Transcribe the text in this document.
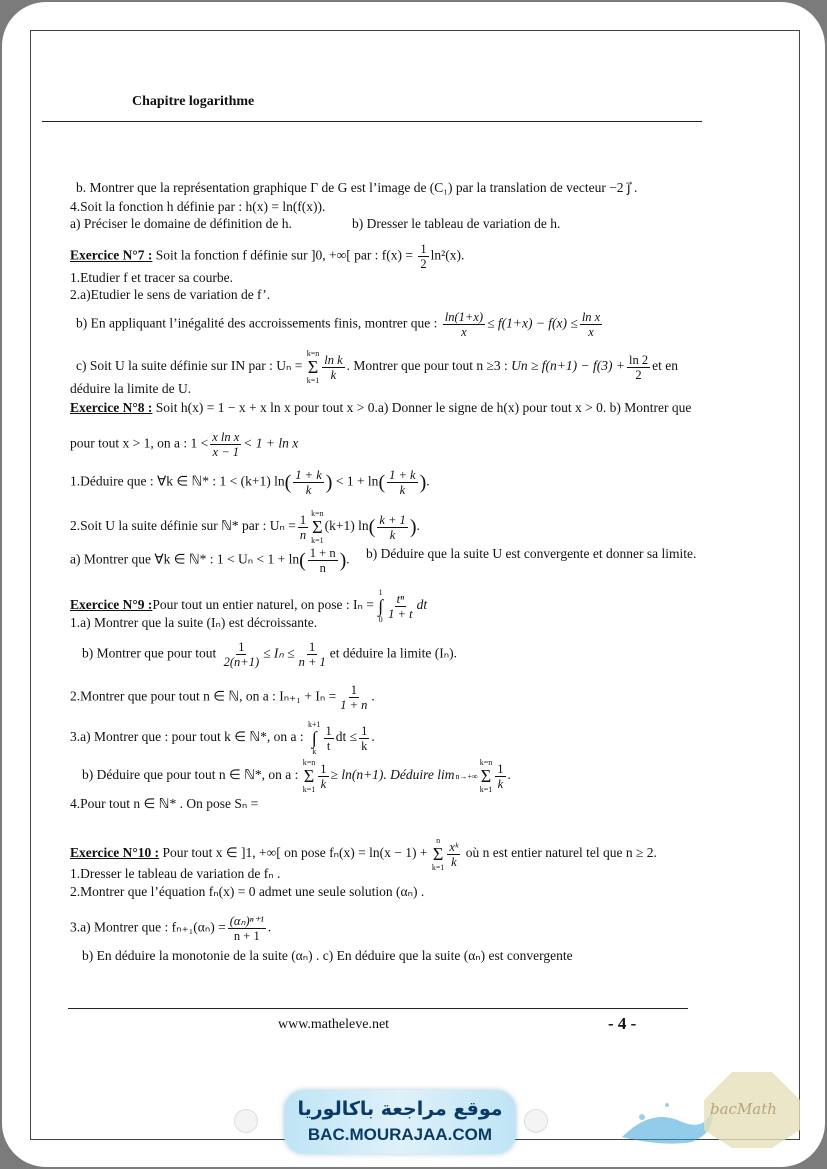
Chapitre logarithme
b. Montrer que la représentation graphique Γ de G est l’image de (C₁) par la translation de vecteur −2 j⃗ .
4.Soit la fonction h définie par : h(x) = ln(f(x)).
a) Préciser le domaine de définition de h.	b) Dresser le tableau de variation de h.
Exercice N°7 : Soit la fonction f définie sur ]0, +∞[ par : $f(x) = \frac{1}{2} \ln^2(x)$.
1.Etudier f et tracer sa courbe.
2.a)Etudier le sens de variation de f’.
b) En appliquant l’inégalité des accroissements finis, montrer que : $\frac{\ln(1+x)}{x} \le f(1+x) - f(x) \le \frac{\text{ln x}}{x}$
c) Soit U la suite définie sur IN par : Uₙ =
k=n
Σ
$k=1 \frac{\text{ln k}}{k}$ . Montrer que pour tout n ≥3 : $Un \ge f(n+1) - f(3) + \frac{\ln 2}{2}$ et en
déduire la limite de U.
Exercice N°8 : Soit h(x) = 1 − x + x ln x pour tout x > 0.a) Donner le signe de h(x) pour tout x > 0. b) Montrer que
pour tout x > 1, on a : $1 < \frac{\text{x ln x}}{x - 1} < 1 + \ln x$
1.Déduire que : ∀k ∈ ℕ* : 1 < (k+1) $\ln( \frac{1 + k}{k}$ ) < $1 + \ln( \frac{1 + k}{k}$ ).
2.Soit U la suite définie sur ℕ* par : $U_n = \frac{1}{n} k=n$
Σ
k=1
(k+1) $\ln( \frac{k + 1}{k}$ ).
a) Montrer que ∀k ∈ ℕ* : $1 < U_n < 1 + \ln( \frac{1 + n}{n}$ ). b) Déduire que la suite U est convergente et donner sa limite.
Exercice N°9 :Pour tout un entier naturel, on pose : Iₙ =
1
∫
$0 \frac{\text{tⁿ}}{1 + t}$ dt
1.a) Montrer que la suite (Iₙ) est décroissante.
b) Montrer que pour tout $\frac{1}{2(n+1)} \le I_n \le \frac{1}{n + 1}$ et déduire la limite (Iₙ).
2.Montrer que pour tout n ∈ ℕ, on a : $I_{n+1} + I_n = \frac{1}{1 + n}$ .
3.a) Montrer que : pour tout k ∈ ℕ*, on a :
k+1
∫
k $\frac{1}{t}$ dt ≤ $\frac{1}{k}$ .
b) Déduire que pour tout n ∈ ℕ*, on a :
k=n
Σ
$k=1 \frac{1}{k} \ge \ln(n+1)$. Déduire lim n→+∞
k=n
Σ
$k=1 \frac{1}{k}$ .
4.Pour tout n ∈ ℕ* . On pose Sₙ =
Exercice N°10 : Pour tout x ∈ ]1, +∞[ on pose fₙ(x) = ln(x − 1) +
n
Σ
$k=1 \frac{\text{xᵏ}}{k}$ où n est entier naturel tel que n ≥ 2.
1.Dresser le tableau de variation de fₙ .
2.Montrer que l’équation fₙ(x) = 0 admet une seule solution (αₙ) .
3.a) Montrer que : $f_{n+1}(\alpha_n) = \frac{\text{(αₙ)ⁿ⁺¹}}{n + 1}$ .
b) En déduire la monotonie de la suite (αₙ) . c) En déduire que la suite (αₙ) est convergente
www.matheleve.net	- 4 -
موقع مراجعة باكالوريا
BAC.MOURAJAA.COM
bacMath
